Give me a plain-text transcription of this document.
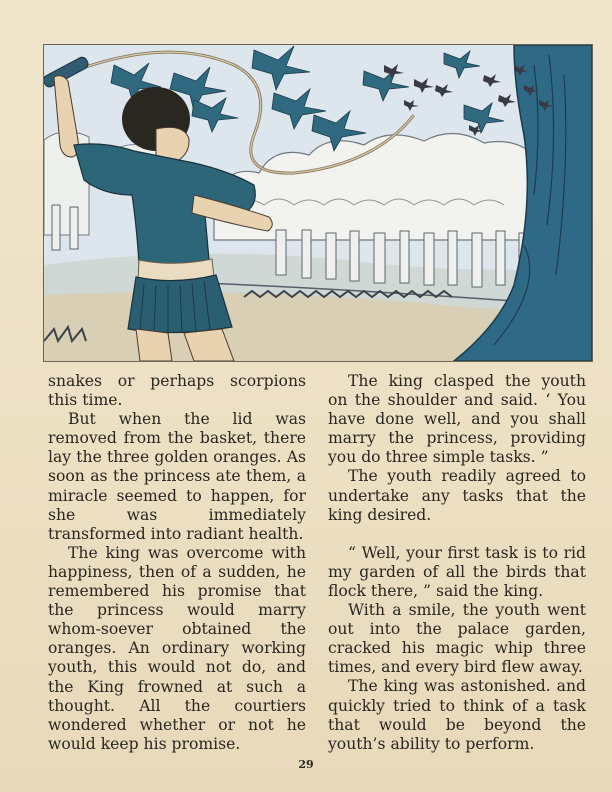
snakes or perhaps scorpions this time.

But when the lid was removed from the basket, there lay the three golden oranges. As soon as the princess ate them, a miracle seemed to happen, for she was immediately transformed into radiant health.

The king was overcome with happiness, then of a sudden, he remembered his promise that the princess would marry whom-soever obtained the oranges. An ordinary working youth, this would not do, and the King frowned at such a thought. All the courtiers wondered whether or not he would keep his promise.

The king clasped the youth on the shoulder and said. ‘ You have done well, and you shall marry the princess, providing you do three simple tasks. ”

The youth readily agreed to undertake any tasks that the king desired.

“ Well, your first task is to rid my garden of all the birds that flock there, ” said the king.

With a smile, the youth went out into the palace garden, cracked his magic whip three times, and every bird flew away.

The king was astonished. and quickly tried to think of a task that would be beyond the youth’s ability to perform.

29
